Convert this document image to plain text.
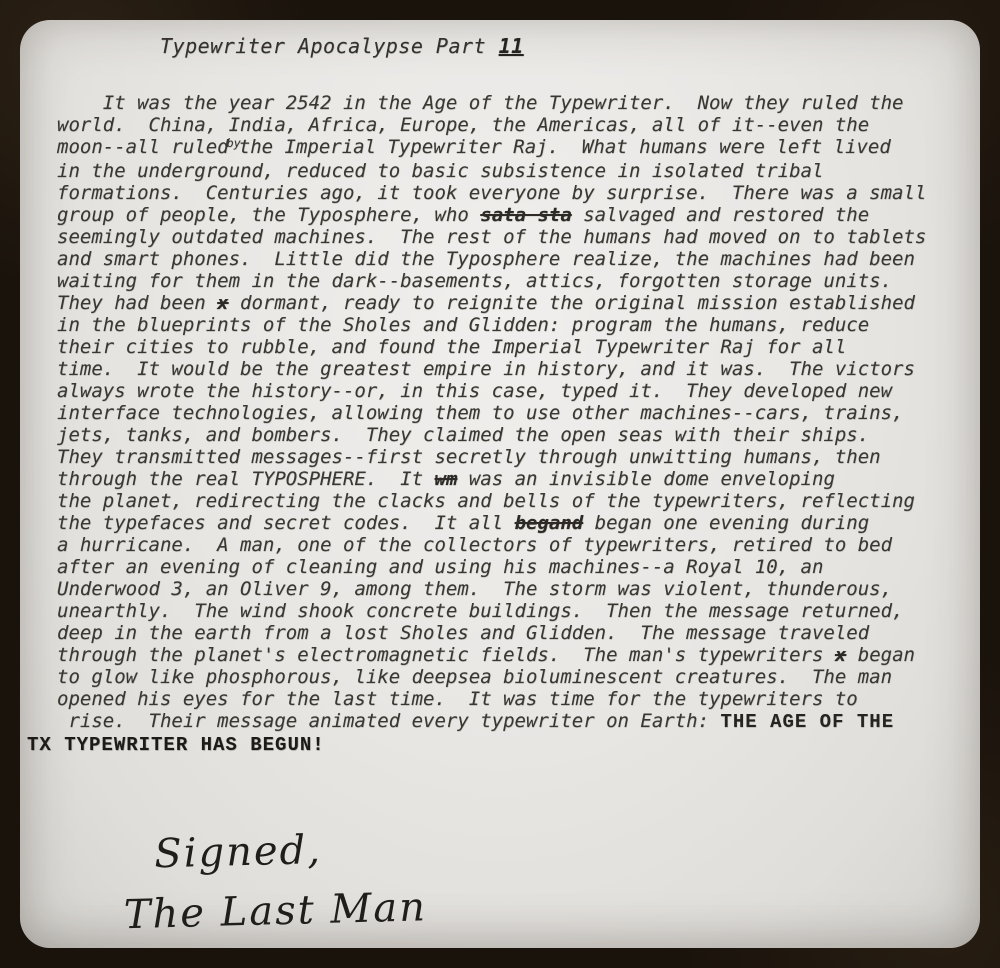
Typewriter Apocalypse Part 11
It was the year 2542 in the Age of the Typewriter.  Now they ruled the
world.  China, India, Africa, Europe, the Americas, all of it--even the
moon--all ruled$^{by}$the Imperial Typewriter Raj.  What humans were left lived
in the underground, reduced to basic subsistence in isolated tribal
formations.  Centuries ago, it took everyone by surprise.  There was a small
group of people, the Typosphere, who sata sta salvaged and restored the
seemingly outdated machines.  The rest of the humans had moved on to tablets
and smart phones.  Little did the Typosphere realize, the machines had been
waiting for them in the dark--basements, attics, forgotten storage units.
They had been x dormant, ready to reignite the original mission established
in the blueprints of the Sholes and Glidden: program the humans, reduce
their cities to rubble, and found the Imperial Typewriter Raj for all
time.  It would be the greatest empire in history, and it was.  The victors
always wrote the history--or, in this case, typed it.  They developed new
interface technologies, allowing them to use other machines--cars, trains,
jets, tanks, and bombers.  They claimed the open seas with their ships.
They transmitted messages--first secretly through unwitting humans, then
through the real TYPOSPHERE.  It wm was an invisible dome enveloping
the planet, redirecting the clacks and bells of the typewriters, reflecting
the typefaces and secret codes.  It all begand began one evening during
a hurricane.  A man, one of the collectors of typewriters, retired to bed
after an evening of cleaning and using his machines--a Royal 10, an
Underwood 3, an Oliver 9, among them.  The storm was violent, thunderous,
unearthly.  The wind shook concrete buildings.  Then the message returned,
deep in the earth from a lost Sholes and Glidden.  The message traveled
through the planet's electromagnetic fields.  The man's typewriters x began
to glow like phosphorous, like deepsea bioluminescent creatures.  The man
opened his eyes for the last time.  It was time for the typewriters to
rise.  Their message animated every typewriter on Earth: THE AGE OF THE
TX TYPEWRITER HAS BEGUN!
Signed,
The Last Man
